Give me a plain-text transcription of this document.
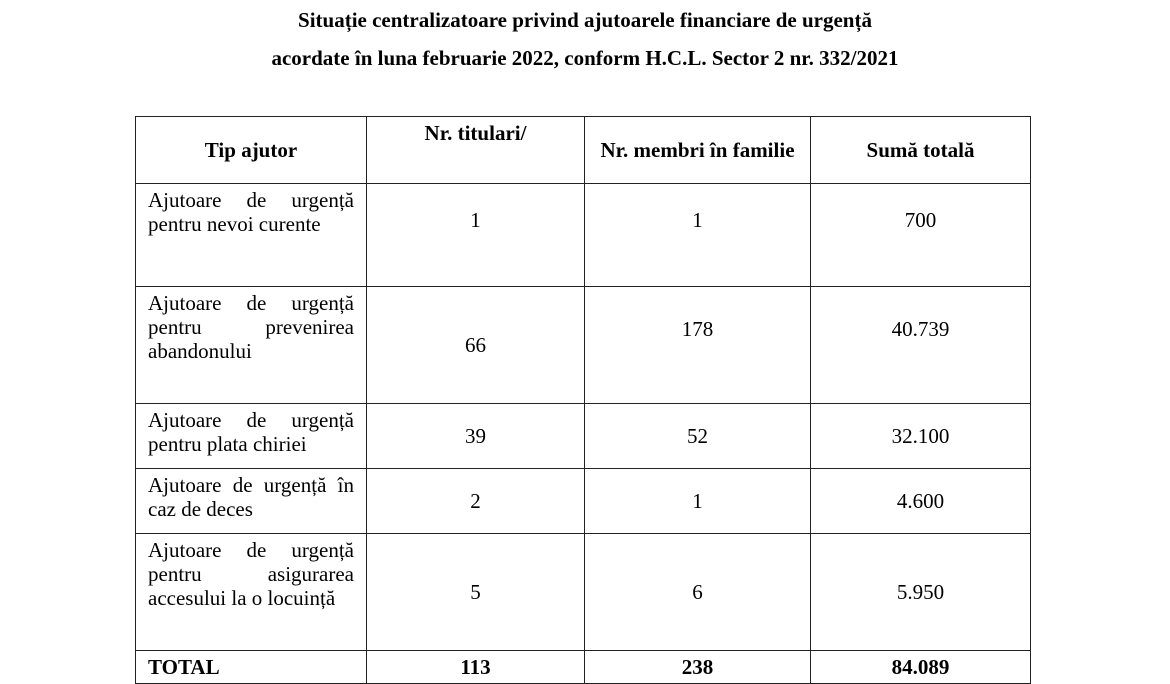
Situație centralizatoare privind ajutoarele financiare de urgență
acordate în luna februarie 2022, conform H.C.L. Sector 2 nr. 332/2021
Tip ajutor	Nr. titulari/	Nr. membri în familie	Sumă totală

Ajutoare de urgență pentru nevoi curente	1	1	700

Ajutoare de urgență pentru prevenirea abandonului	66	178	40.739

Ajutoare de urgență pentru plata chiriei	39	52	32.100

Ajutoare de urgență în caz de deces	2	1	4.600

Ajutoare de urgență pentru asigurarea accesului la o locuință	5	6	5.950
TOTAL	113	238	84.089
